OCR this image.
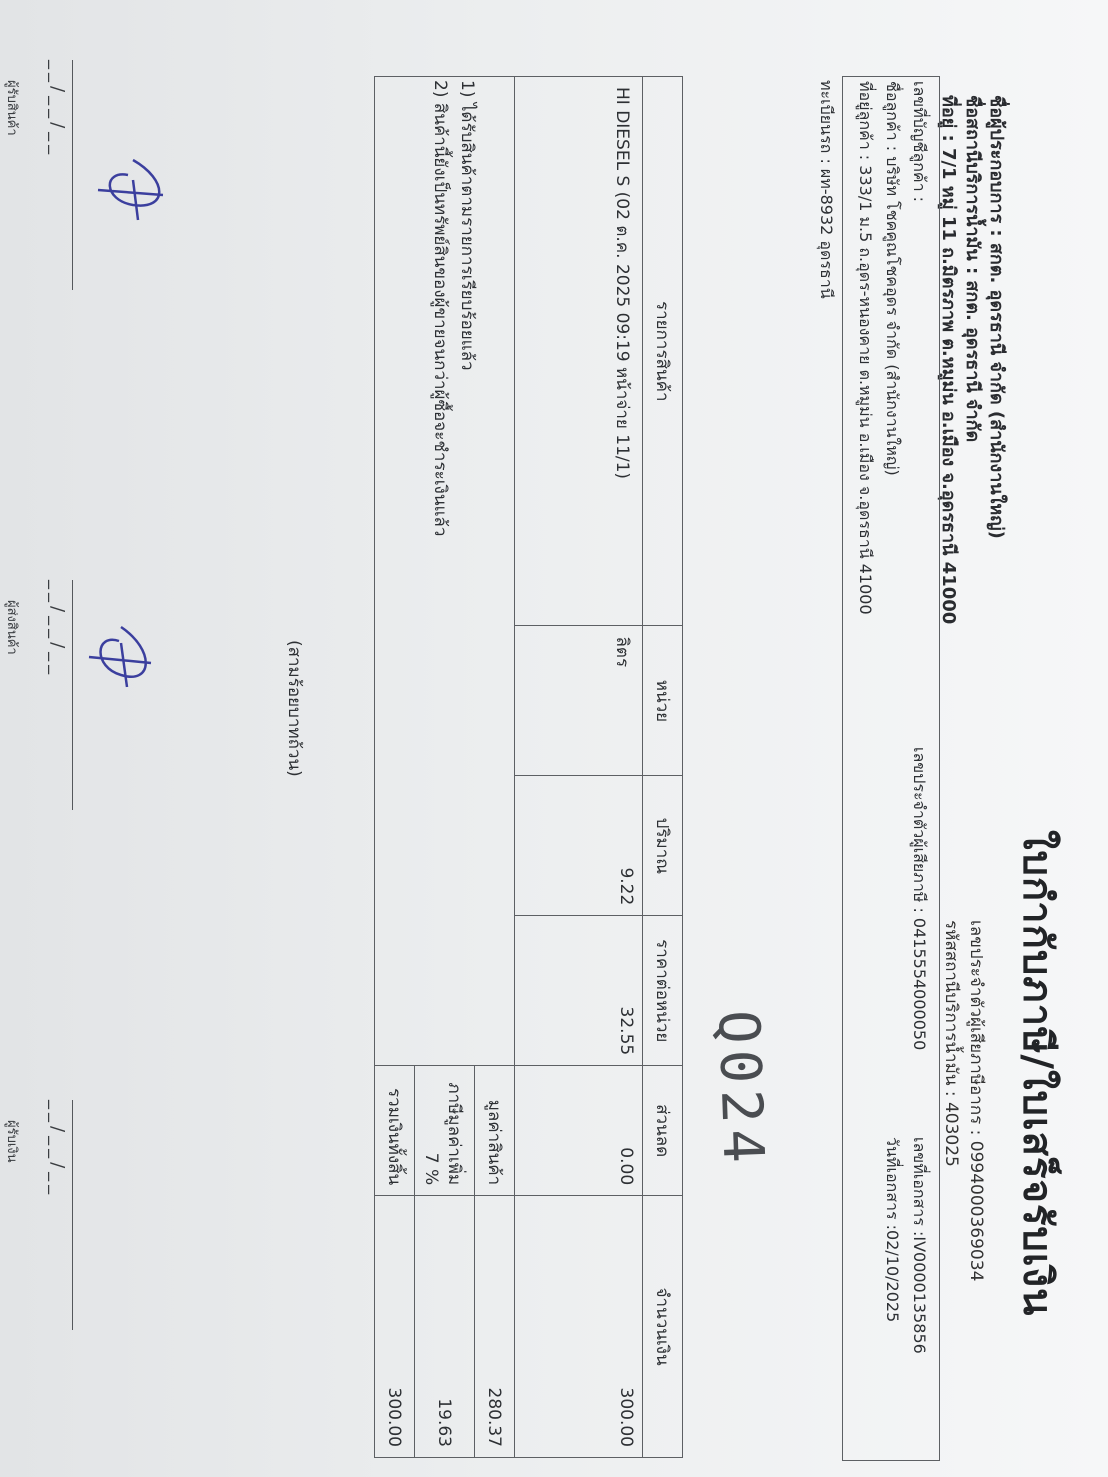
ใบกำกับภาษี/ใบเสร็จรับเงิน
เลขประจำตัวผู้เสียภาษีอากร : 0994000369034
รหัสสถานีบริการน้ำมัน : 403025
ชื่อผู้ประกอบการ : สกต. อุดรธานี จำกัด (สำนักงานใหญ่)
ชื่อสถานีบริการน้ำมัน : สกต. อุดรธานี จำกัด
ที่อยู่ : 7/1 หมู่ 11 ถ.มิตรภาพ ต.หมูม่น อ.เมือง จ.อุดรธานี 41000
เลขที่บัญชีลูกค้า :
ชื่อลูกค้า : บริษัท โชคคูณโชคอุดร จำกัด (สำนักงานใหญ่)
ที่อยู่ลูกค้า : 333/1 ม.5 ถ.อุดร-หนองคาย ต.หมูม่น อ.เมือง จ.อุดรธานี 41000
เลขประจำตัวผู้เสียภาษี : 0415554000050
เลขที่เอกสาร :IV0000135856
วันที่เอกสาร :02/10/2025
ทะเบียนรถ : ผท-8932 อุดรธานี
Q024
รายการสินค้า	หน่วย	ปริมาณ	ราคาต่อหน่วย	ส่วนลด	จำนวนเงิน
HI DIESEL S (02 ต.ค. 2025 09:19 หน้าจ่าย 11/1)	ลิตร	9.22	32.55	0.00	300.00
				มูลค่าสินค้า	280.37
				ภาษีมูลค่าเพิ่ม 7 %	19.63
				รวมเงินทั้งสิ้น	300.00
1) ได้รับสินค้าตามรายการเรียบร้อยแล้ว
2) สินค้านี้ยังเป็นทรัพย์สินของผู้ขายจนกว่าผู้ซื้อจะชำระเงินแล้ว
(สามร้อยบาทถ้วน)
__/__/__
ผู้รับสินค้า
__/__/__
ผู้ส่งสินค้า
__/__/__
ผู้รับเงิน
